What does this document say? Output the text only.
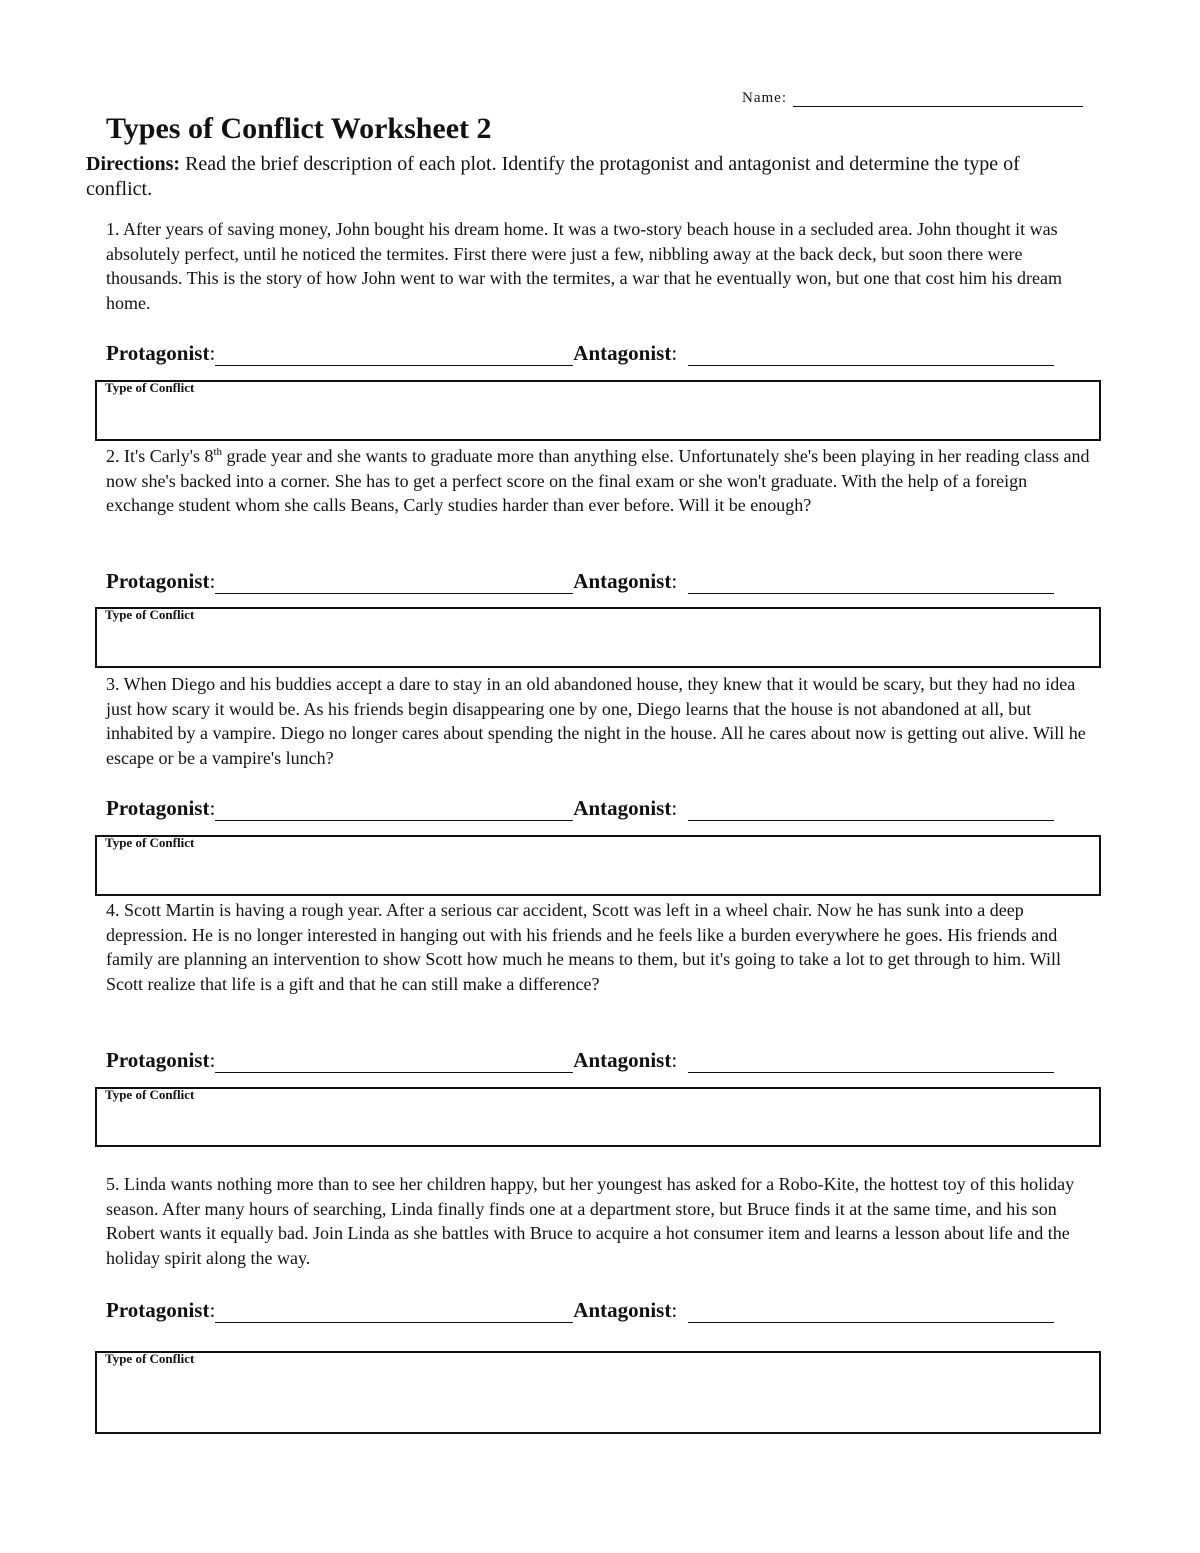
Name:
Types of Conflict Worksheet 2

Directions: Read the brief description of each plot. Identify the protagonist and antagonist and determine the type of conflict.

1. After years of saving money, John bought his dream home. It was a two-story beach house in a secluded area. John thought it was absolutely perfect, until he noticed the termites. First there were just a few, nibbling away at the back deck, but soon there were thousands. This is the story of how John went to war with the termites, a war that he eventually won, but one that cost him his dream home.

Protagonist:	Antagonist:
Type of Conflict

2. It's Carly's 8th grade year and she wants to graduate more than anything else. Unfortunately she's been playing in her reading class and now she's backed into a corner. She has to get a perfect score on the final exam or she won't graduate. With the help of a foreign exchange student whom she calls Beans, Carly studies harder than ever before. Will it be enough?

Protagonist:	Antagonist:
Type of Conflict

3. When Diego and his buddies accept a dare to stay in an old abandoned house, they knew that it would be scary, but they had no idea just how scary it would be. As his friends begin disappearing one by one, Diego learns that the house is not abandoned at all, but inhabited by a vampire. Diego no longer cares about spending the night in the house. All he cares about now is getting out alive. Will he escape or be a vampire's lunch?

Protagonist:	Antagonist:
Type of Conflict

4. Scott Martin is having a rough year. After a serious car accident, Scott was left in a wheel chair. Now he has sunk into a deep depression. He is no longer interested in hanging out with his friends and he feels like a burden everywhere he goes. His friends and family are planning an intervention to show Scott how much he means to them, but it's going to take a lot to get through to him. Will Scott realize that life is a gift and that he can still make a difference?

Protagonist:	Antagonist:
Type of Conflict

5. Linda wants nothing more than to see her children happy, but her youngest has asked for a Robo-Kite, the hottest toy of this holiday season. After many hours of searching, Linda finally finds one at a department store, but Bruce finds it at the same time, and his son Robert wants it equally bad. Join Linda as she battles with Bruce to acquire a hot consumer item and learns a lesson about life and the holiday spirit along the way.

Protagonist:	Antagonist:
Type of Conflict
